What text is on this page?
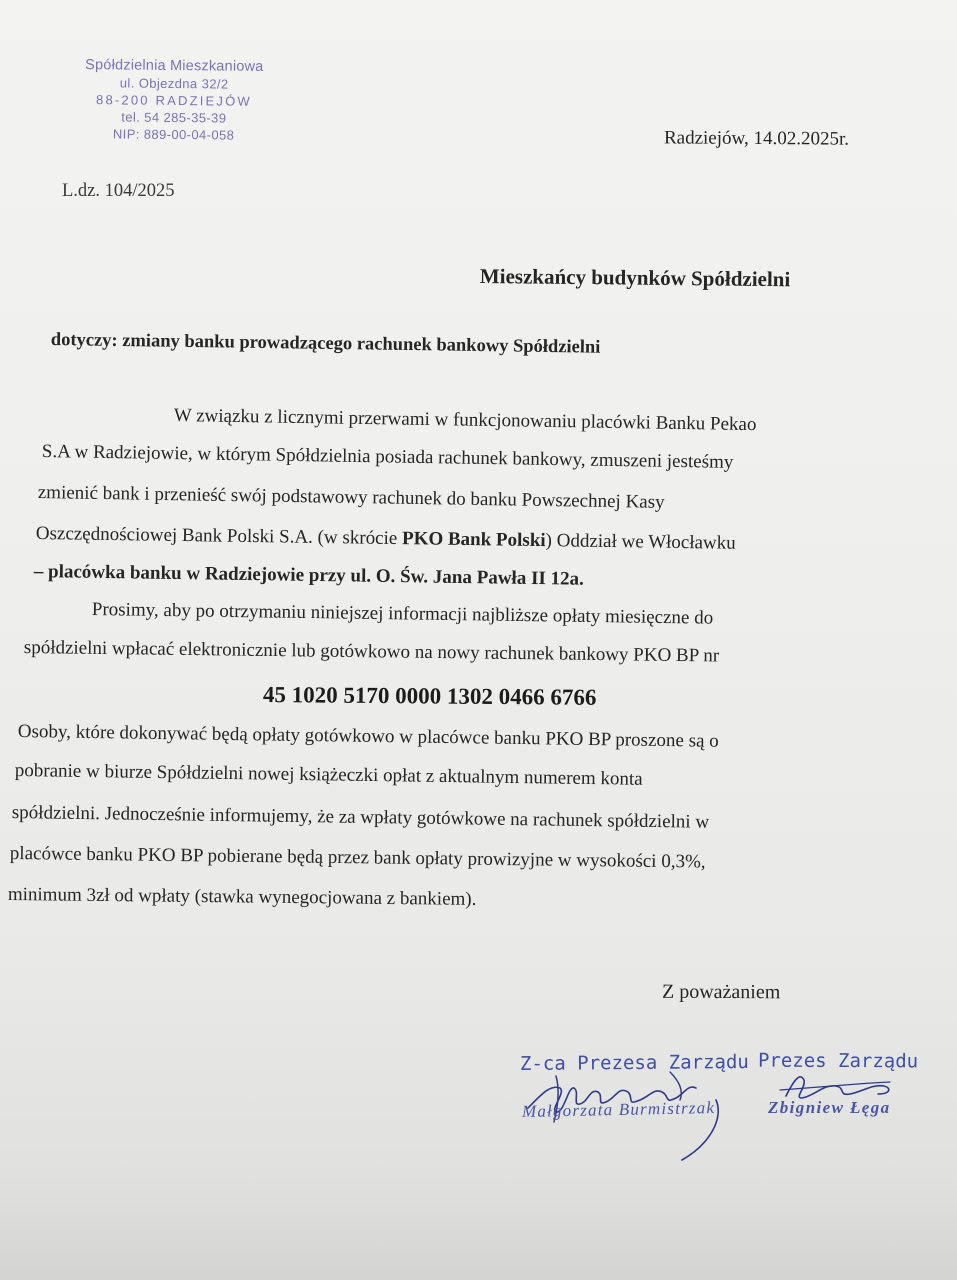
Spółdzielnia Mieszkaniowa
ul. Objezdna 32/2
88-200 RADZIEJÓW
tel. 54 285-35-39
NIP: 889-00-04-058	Radziejów, 14.02.2025r.
L.dz. 104/2025
Mieszkańcy budynków Spółdzielni
dotyczy: zmiany banku prowadzącego rachunek bankowy Spółdzielni
W związku z licznymi przerwami w funkcjonowaniu placówki Banku Pekao
S.A w Radziejowie, w którym Spółdzielnia posiada rachunek bankowy, zmuszeni jesteśmy
zmienić bank i przenieść swój podstawowy rachunek do banku Powszechnej Kasy
Oszczędnościowej Bank Polski S.A. (w skrócie PKO Bank Polski) Oddział we Włocławku
– placówka banku w Radziejowie przy ul. O. Św. Jana Pawła II 12a.
Prosimy, aby po otrzymaniu niniejszej informacji najbliższe opłaty miesięczne do
spółdzielni wpłacać elektronicznie lub gotówkowo na nowy rachunek bankowy PKO BP nr
45 1020 5170 0000 1302 0466 6766
Osoby, które dokonywać będą opłaty gotówkowo w placówce banku PKO BP proszone są o
pobranie w biurze Spółdzielni nowej książeczki opłat z aktualnym numerem konta
spółdzielni. Jednocześnie informujemy, że za wpłaty gotówkowe na rachunek spółdzielni w
placówce banku PKO BP pobierane będą przez bank opłaty prowizyjne w wysokości 0,3%,
minimum 3zł od wpłaty (stawka wynegocjowana z bankiem).
Z poważaniem
Z-ca Prezesa Zarządu
Małgorzata Burmistrzak
Prezes Zarządu
Zbigniew Łęga
